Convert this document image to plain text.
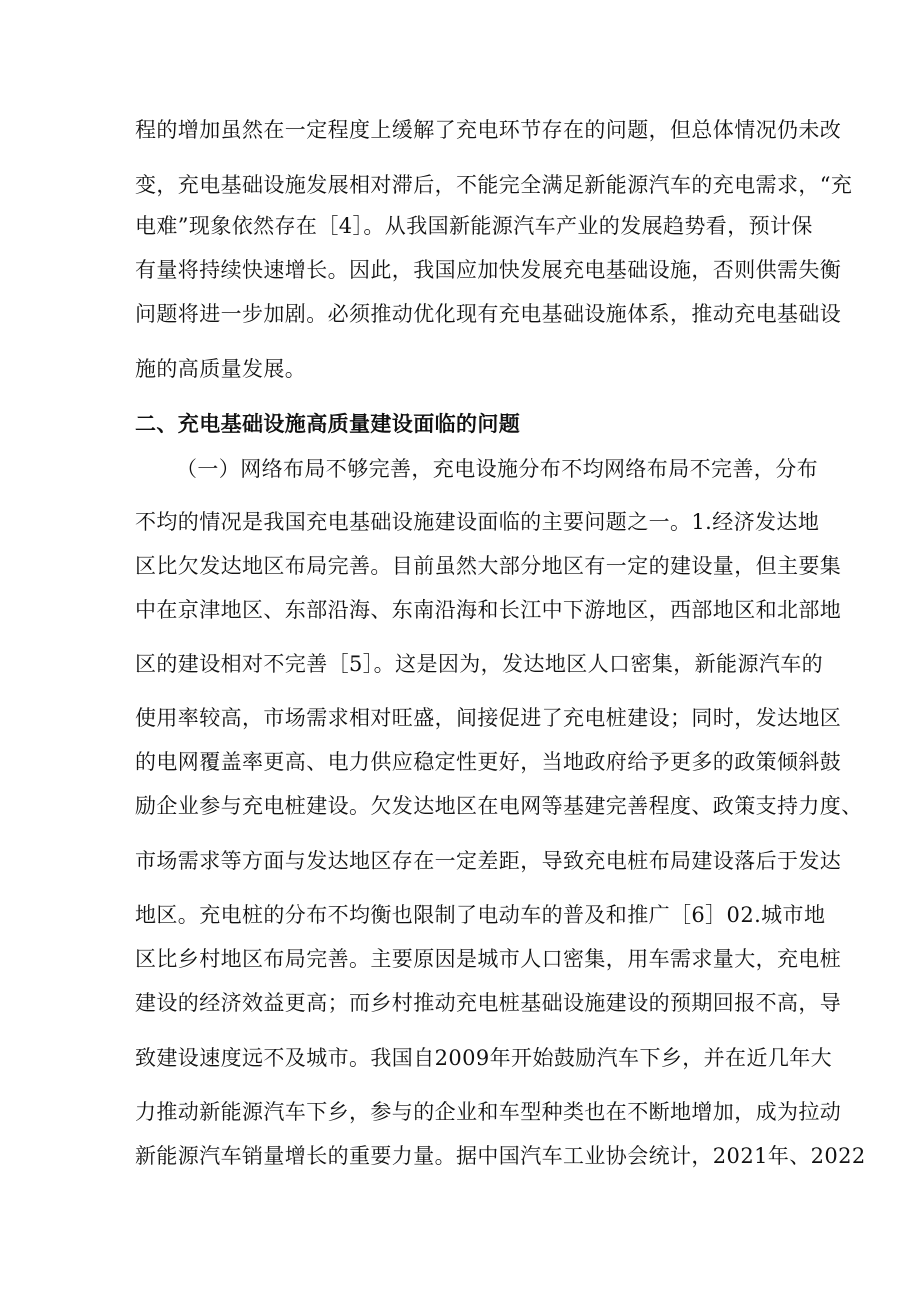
程的增加虽然在一定程度上缓解了充电环节存在的问题，但总体情况仍未改
变，充电基础设施发展相对滞后，不能完全满足新能源汽车的充电需求，“充
电难”现象依然存在［4］。从我国新能源汽车产业的发展趋势看，预计保
有量将持续快速增长。因此，我国应加快发展充电基础设施，否则供需失衡
问题将进一步加剧。必须推动优化现有充电基础设施体系，推动充电基础设
施的高质量发展。
二、充电基础设施高质量建设面临的问题
（一）网络布局不够完善，充电设施分布不均网络布局不完善，分布
不均的情况是我国充电基础设施建设面临的主要问题之一。1.经济发达地
区比欠发达地区布局完善。目前虽然大部分地区有一定的建设量，但主要集
中在京津地区、东部沿海、东南沿海和长江中下游地区，西部地区和北部地
区的建设相对不完善［5］。这是因为，发达地区人口密集，新能源汽车的
使用率较高，市场需求相对旺盛，间接促进了充电桩建设；同时，发达地区
的电网覆盖率更高、电力供应稳定性更好，当地政府给予更多的政策倾斜鼓
励企业参与充电桩建设。欠发达地区在电网等基建完善程度、政策支持力度、
市场需求等方面与发达地区存在一定差距，导致充电桩布局建设落后于发达
地区。充电桩的分布不均衡也限制了电动车的普及和推广［6］02.城市地
区比乡村地区布局完善。主要原因是城市人口密集，用车需求量大，充电桩
建设的经济效益更高；而乡村推动充电桩基础设施建设的预期回报不高，导
致建设速度远不及城市。我国自2009年开始鼓励汽车下乡，并在近几年大
力推动新能源汽车下乡，参与的企业和车型种类也在不断地增加，成为拉动
新能源汽车销量增长的重要力量。据中国汽车工业协会统计，2021年、2022
